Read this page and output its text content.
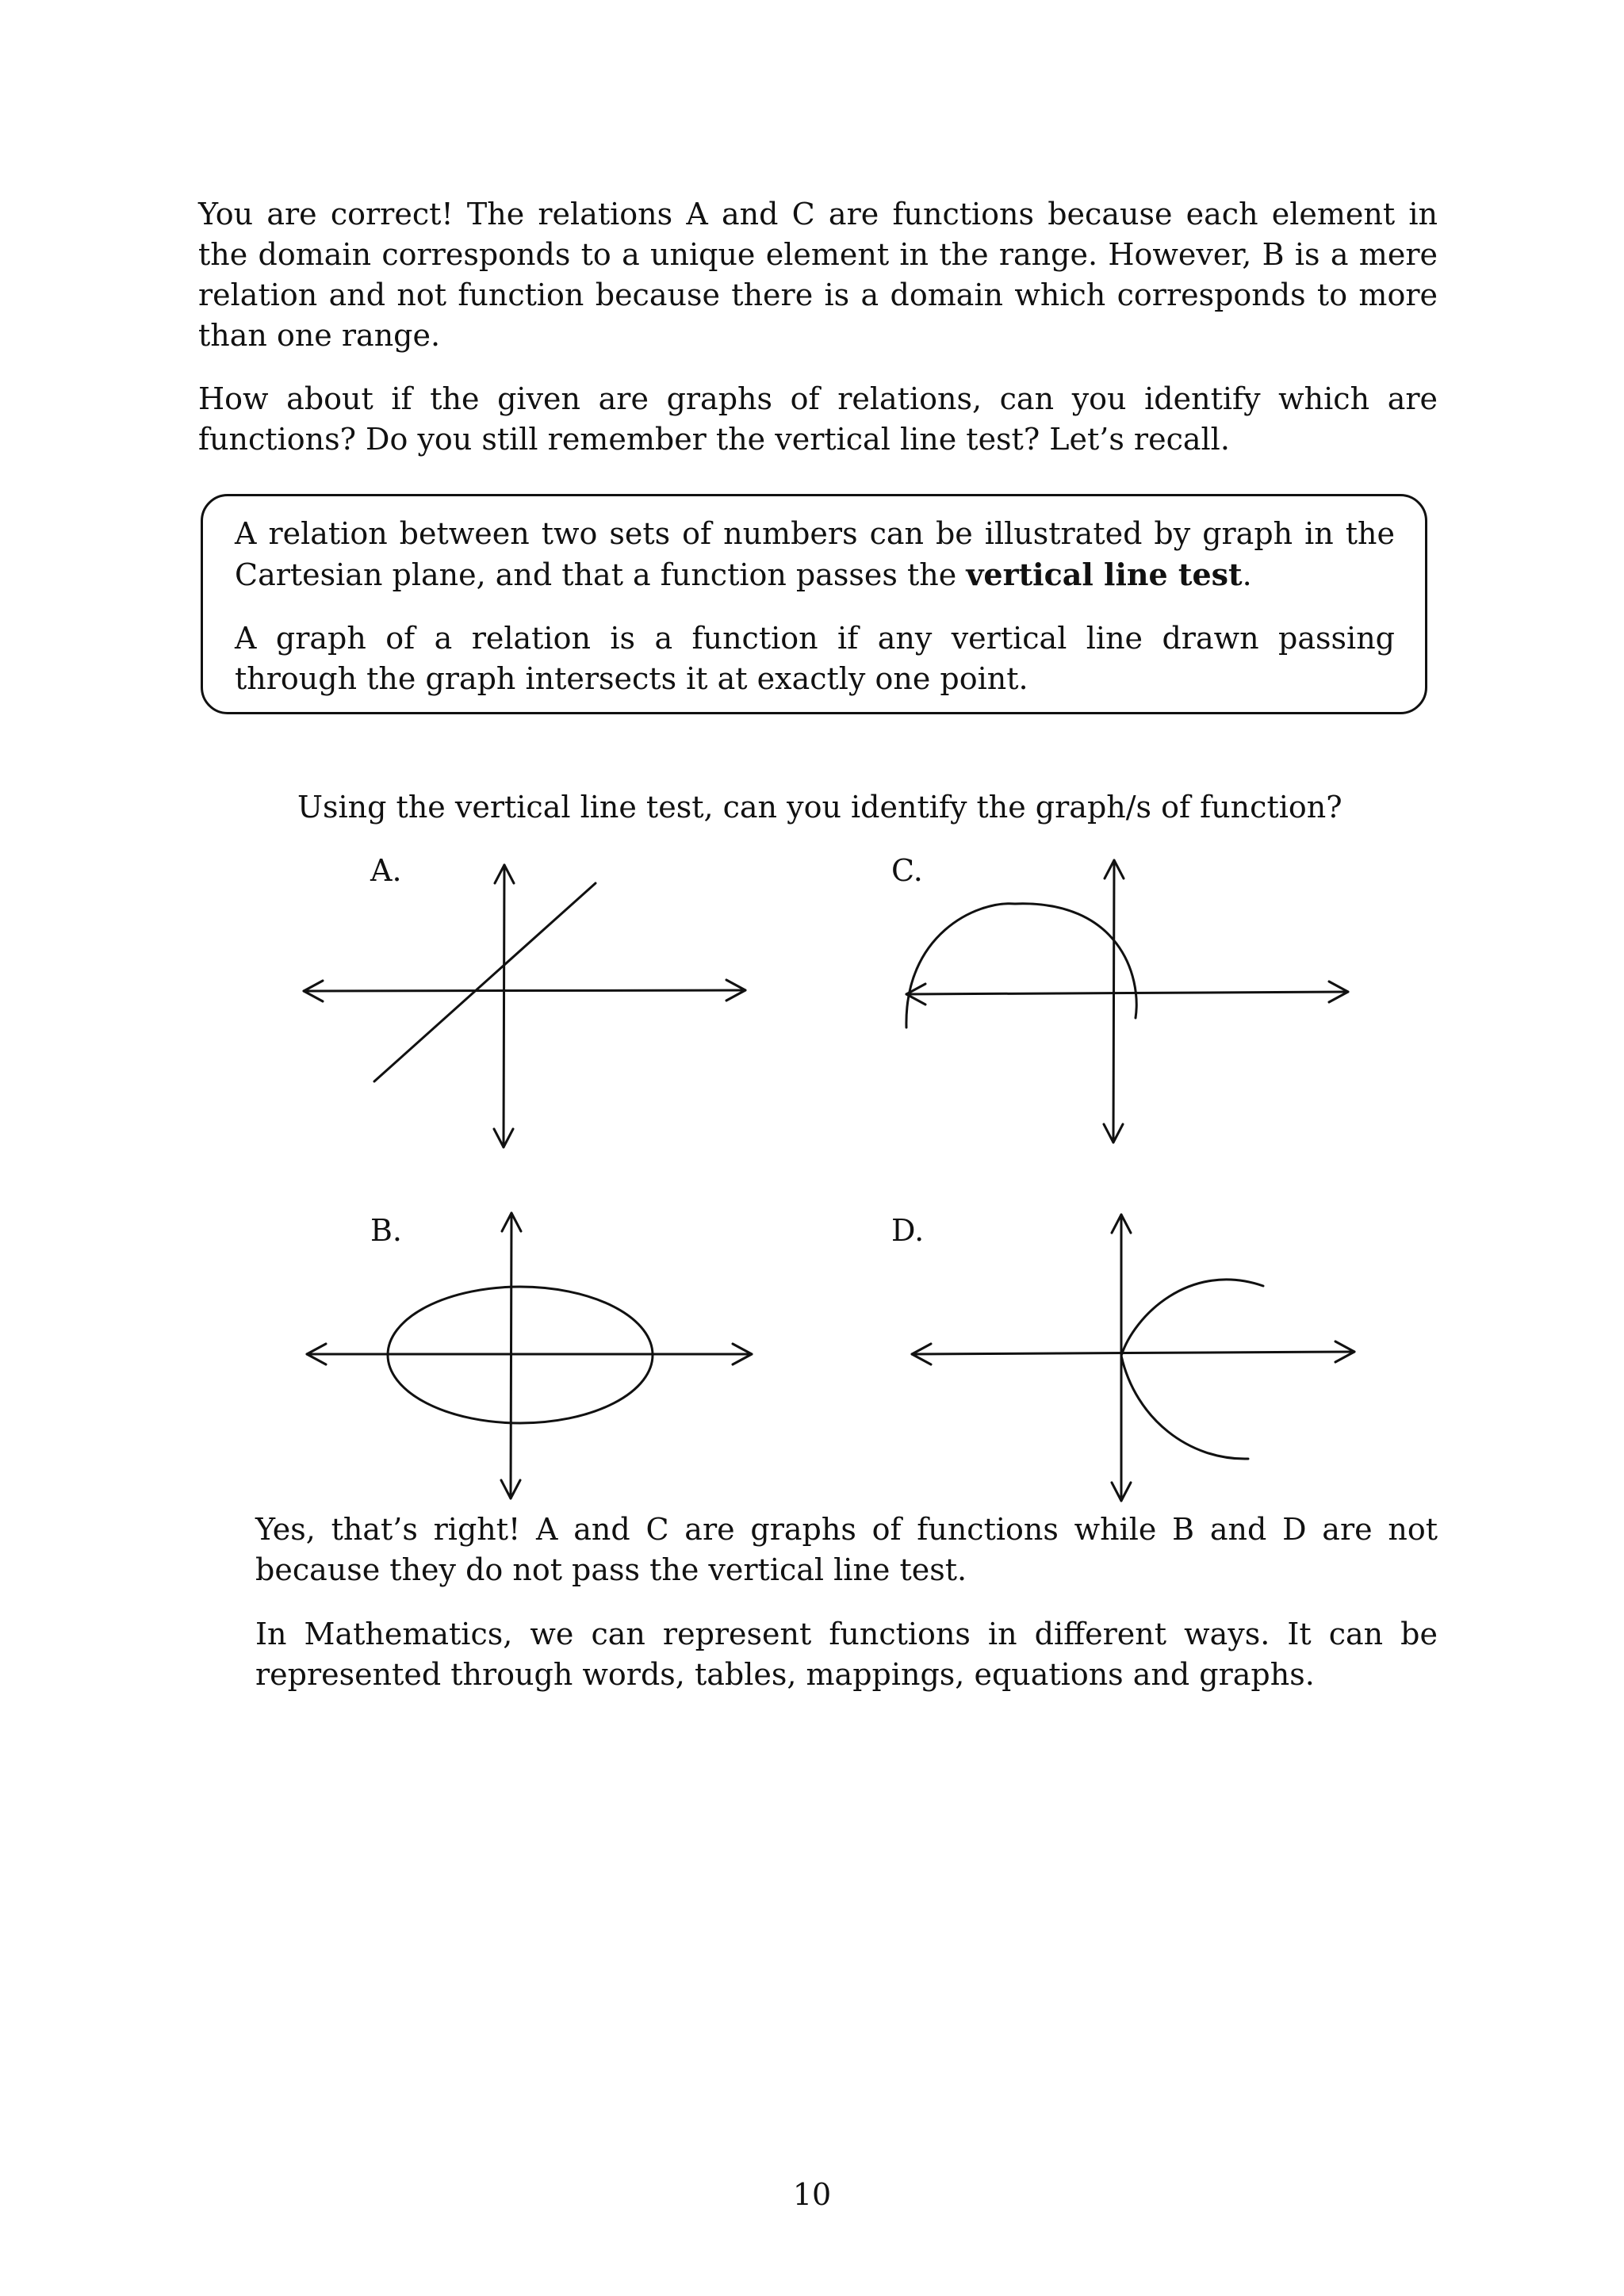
You are correct! The relations A and C are functions because each element in the domain corresponds to a unique element in the range. However, B is a mere relation and not function because there is a domain which corresponds to more than one range.

How about if the given are graphs of relations, can you identify which are functions? Do you still remember the vertical line test? Let’s recall.

A relation between two sets of numbers can be illustrated by graph in the Cartesian plane, and that a function passes the vertical line test.

A graph of a relation is a function if any vertical line drawn passing through the graph intersects it at exactly one point.

Using the vertical line test, can you identify the graph/s of function?

A.	C.

B.	D.

Yes, that’s right! A and C are graphs of functions while B and D are not because they do not pass the vertical line test.

In Mathematics, we can represent functions in different ways. It can be represented through words, tables, mappings, equations and graphs.

10
